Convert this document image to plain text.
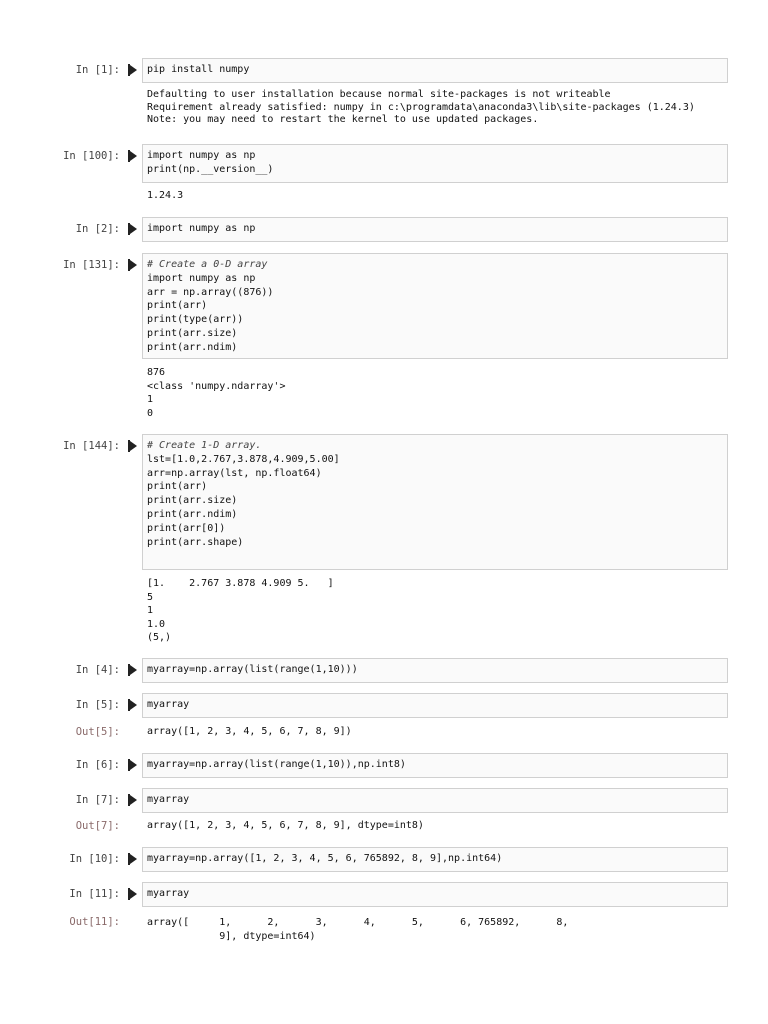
In [1]:	pip install numpy
Defaulting to user installation because normal site-packages is not writeable
Requirement already satisfied: numpy in c:\programdata\anaconda3\lib\site-packages (1.24.3)
Note: you may need to restart the kernel to use updated packages.
In [100]:	import numpy as np
print(np.__version__)
1.24.3
In [2]:	import numpy as np
In [131]:	# Create a 0-D array
import numpy as np
arr = np.array((876))
print(arr)
print(type(arr))
print(arr.size)
print(arr.ndim)
876
<class 'numpy.ndarray'>
1
0
In [144]:	# Create 1-D array.
lst=[1.0,2.767,3.878,4.909,5.00]
arr=np.array(lst, np.float64)
print(arr)
print(arr.size)
print(arr.ndim)
print(arr[0])
print(arr.shape)
[1.    2.767 3.878 4.909 5.   ]
5
1
1.0
(5,)
In [4]:	myarray=np.array(list(range(1,10)))
In [5]:	myarray
Out[5]:	array([1, 2, 3, 4, 5, 6, 7, 8, 9])
In [6]:	myarray=np.array(list(range(1,10)),np.int8)
In [7]:	myarray
Out[7]:	array([1, 2, 3, 4, 5, 6, 7, 8, 9], dtype=int8)
In [10]:	myarray=np.array([1, 2, 3, 4, 5, 6, 765892, 8, 9],np.int64)
In [11]:	myarray
Out[11]:	array([     1,      2,      3,      4,      5,      6, 765892,      8,
9], dtype=int64)
